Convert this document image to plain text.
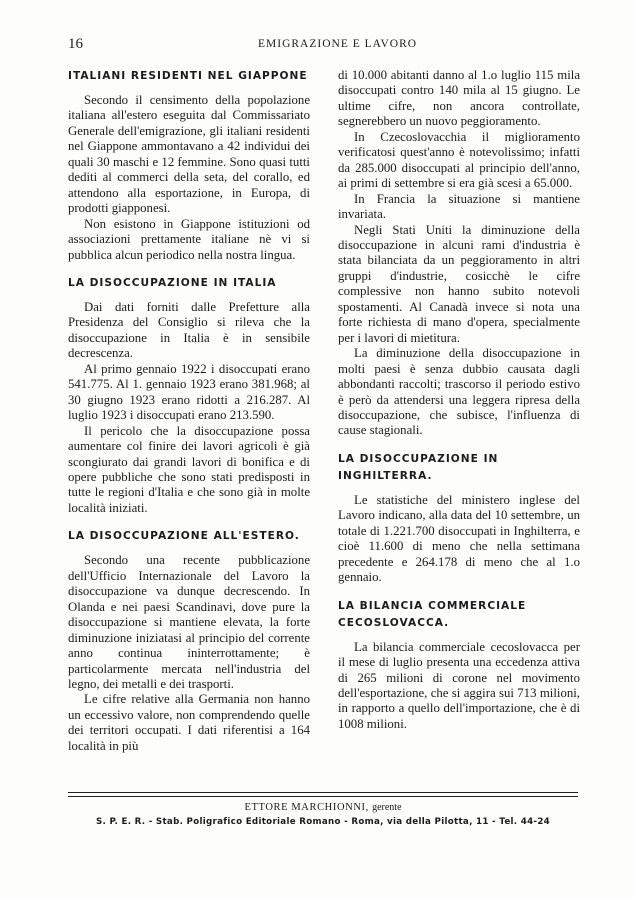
16	EMIGRAZIONE E LAVORO
ITALIANI RESIDENTI NEL GIAPPONE

Secondo il censimento della popolazione italiana all'estero eseguita dal Commissariato Generale dell'emigrazione, gli italiani residenti nel Giappone ammontavano a 42 individui dei quali 30 maschi e 12 femmine. Sono quasi tutti dediti al commerci della seta, del corallo, ed attendono alla esportazione, in Europa, di prodotti giapponesi.

Non esistono in Giappone istituzioni od associazioni prettamente italiane nè vi si pubblica alcun periodico nella nostra lingua.

LA DISOCCUPAZIONE IN ITALIA

Dai dati forniti dalle Prefetture alla Presidenza del Consiglio si rileva che la disoccupazione in Italia è in sensibile decrescenza.

Al primo gennaio 1922 i disoccupati erano 541.775. Al 1. gennaio 1923 erano 381.968; al 30 giugno 1923 erano ridotti a 216.287. Al luglio 1923 i disoccupati erano 213.590.

Il pericolo che la disoccupazione possa aumentare col finire dei lavori agricoli è già scongiurato dai grandi lavori di bonifica e di opere pubbliche che sono stati predisposti in tutte le regioni d'Italia e che sono già in molte località iniziati.

LA DISOCCUPAZIONE ALL'ESTERO.

Secondo una recente pubblicazione dell'Ufficio Internazionale del Lavoro la disoccupazione va dunque decrescendo. In Olanda e nei paesi Scandinavi, dove pure la disoccupazione si mantiene elevata, la forte diminuzione iniziatasi al principio del corrente anno continua ininterrottamente; è particolarmente mercata nell'industria del legno, dei metalli e dei trasporti.

Le cifre relative alla Germania non hanno un eccessivo valore, non comprendendo quelle dei territori occupati. I dati riferentisi a 164 località in più

di 10.000 abitanti danno al 1.o luglio 115 mila disoccupati contro 140 mila al 15 giugno. Le ultime cifre, non ancora controllate, segnerebbero un nuovo peggioramento.

In Czecoslovacchia il miglioramento verificatosi quest'anno è notevolissimo; infatti da 285.000 disoccupati al principio dell'anno, ai primi di settembre si era già scesi a 65.000.

In Francia la situazione si mantiene invariata.

Negli Stati Uniti la diminuzione della disoccupazione in alcuni rami d'industria è stata bilanciata da un peggioramento in altri gruppi d'industrie, cosicchè le cifre complessive non hanno subito notevoli spostamenti. Al Canadà invece si nota una forte richiesta di mano d'opera, specialmente per i lavori di mietitura.

La diminuzione della disoccupazione in molti paesi è senza dubbio causata dagli abbondanti raccolti; trascorso il periodo estivo è però da attendersi una leggera ripresa della disoccupazione, che subisce, l'influenza di cause stagionali.

LA DISOCCUPAZIONE IN INGHILTERRA.

Le statistiche del ministero inglese del Lavoro indicano, alla data del 10 settembre, un totale di 1.221.700 disoccupati in Inghilterra, e cioè 11.600 di meno che nella settimana precedente e 264.178 di meno che al 1.o gennaio.

LA BILANCIA COMMERCIALE CECOSLOVACCA.

La bilancia commerciale cecoslovacca per il mese di luglio presenta una eccedenza attiva di 265 milioni di corone nel movimento dell'esportazione, che si aggira sui 713 milioni, in rapporto a quello dell'importazione, che è di 1008 milioni.

ETTORE MARCHIONNI, gerente
S. P. E. R. - Stab. Poligrafico Editoriale Romano - Roma, via della Pilotta, 11 - Tel. 44-24
